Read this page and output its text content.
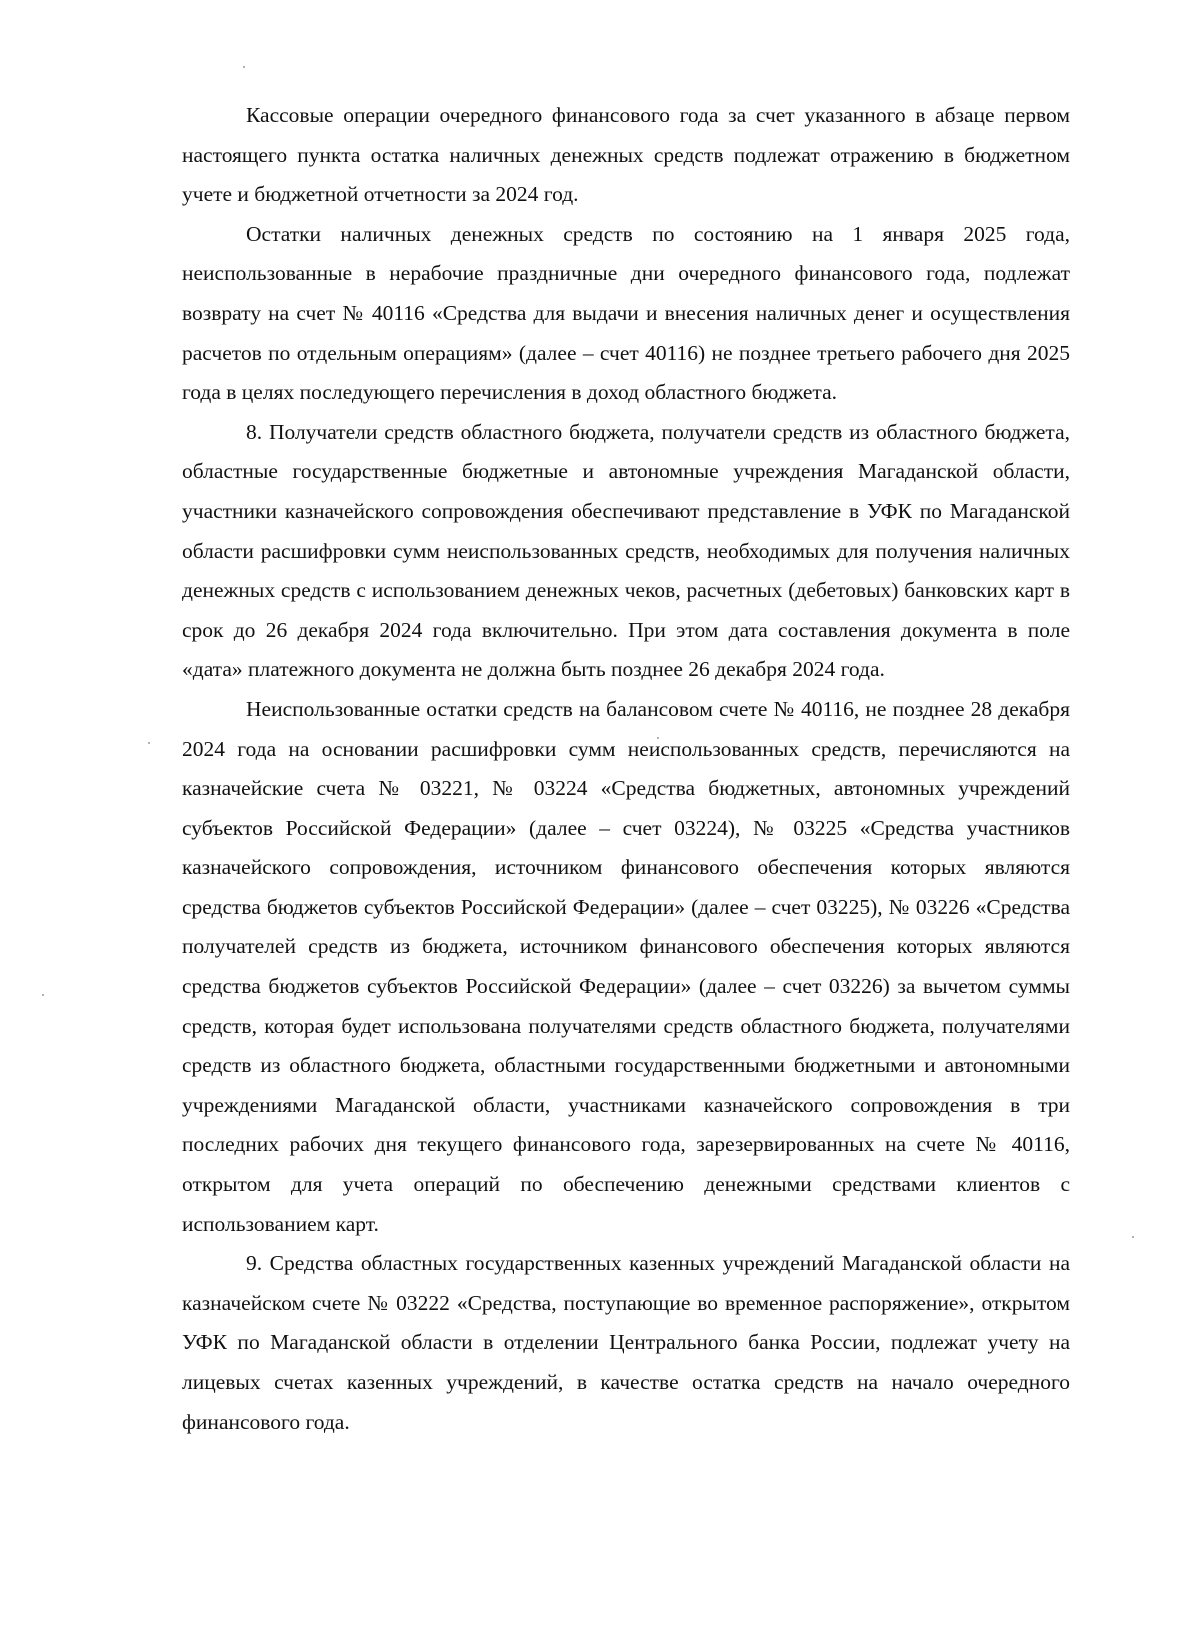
Кассовые операции очередного финансового года за счет указанного в абзаце первом настоящего пункта остатка наличных денежных средств подлежат отражению в бюджетном учете и бюджетной отчетности за 2024 год.

Остатки наличных денежных средств по состоянию на 1 января 2025 года, неиспользованные в нерабочие праздничные дни очередного финансового года, подлежат возврату на счет № 40116 «Средства для выдачи и внесения наличных денег и осуществления расчетов по отдельным операциям» (далее – счет 40116) не позднее третьего рабочего дня 2025 года в целях последующего перечисления в доход областного бюджета.

8. Получатели средств областного бюджета, получатели средств из областного бюджета, областные государственные бюджетные и автономные учреждения Магаданской области, участники казначейского сопровождения обеспечивают представление в УФК по Магаданской области расшифровки сумм неиспользованных средств, необходимых для получения наличных денежных средств с использованием денежных чеков, расчетных (дебетовых) банковских карт в срок до 26 декабря 2024 года включительно. При этом дата составления документа в поле «дата» платежного документа не должна быть позднее 26 декабря 2024 года.

Неиспользованные остатки средств на балансовом счете № 40116, не позднее 28 декабря 2024 года на основании расшифровки сумм неиспользованных средств, перечисляются на казначейские счета № 03221, № 03224 «Средства бюджетных, автономных учреждений субъектов Российской Федерации» (далее – счет 03224), № 03225 «Средства участников казначейского сопровождения, источником финансового обеспечения которых являются средства бюджетов субъектов Российской Федерации» (далее – счет 03225), № 03226 «Средства получателей средств из бюджета, источником финансового обеспечения которых являются средства бюджетов субъектов Российской Федерации» (далее – счет 03226) за вычетом суммы средств, которая будет использована получателями средств областного бюджета, получателями средств из областного бюджета, областными государственными бюджетными и автономными учреждениями Магаданской области, участниками казначейского сопровождения в три последних рабочих дня текущего финансового года, зарезервированных на счете № 40116, открытом для учета операций по обеспечению денежными средствами клиентов с использованием карт.

9. Средства областных государственных казенных учреждений Магаданской области на казначейском счете № 03222 «Средства, поступающие во временное распоряжение», открытом УФК по Магаданской области в отделении Центрального банка России, подлежат учету на лицевых счетах казенных учреждений, в качестве остатка средств на начало очередного финансового года.
